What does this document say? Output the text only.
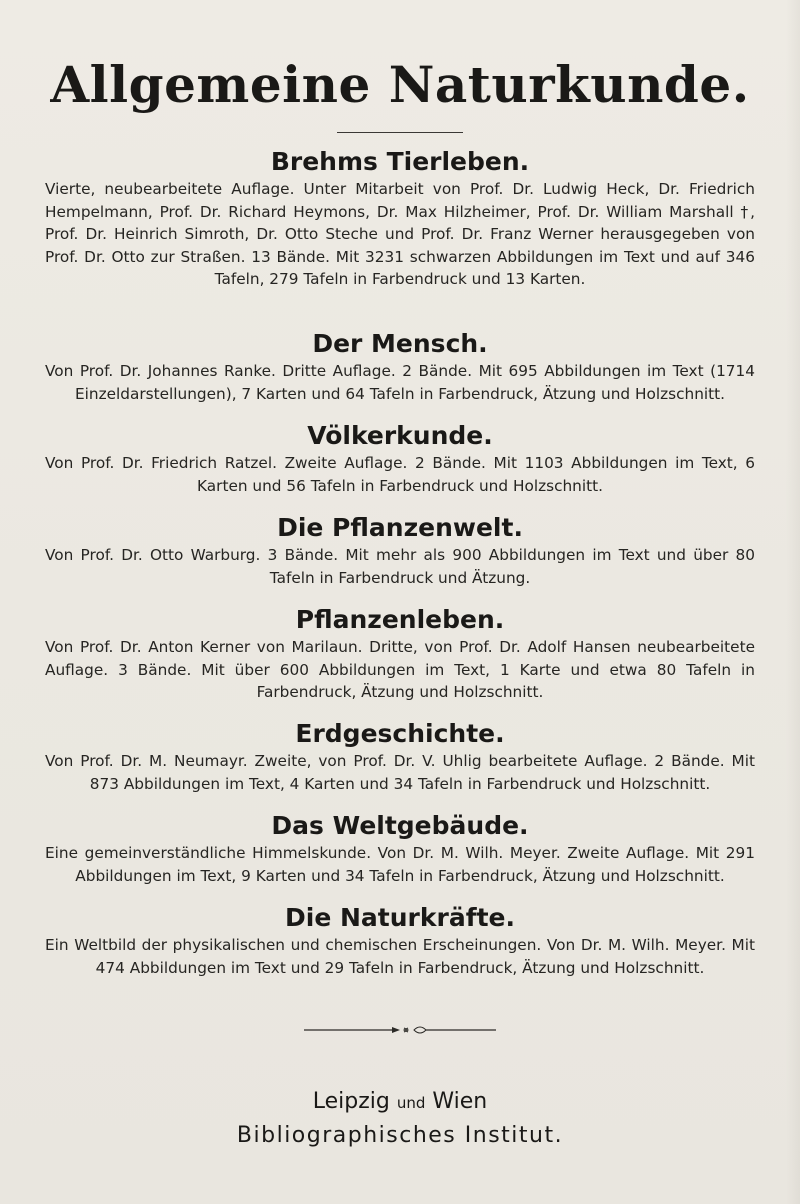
Allgemeine Naturkunde.
Brehms Tierleben.
Vierte, neubearbeitete Auflage. Unter Mitarbeit von Prof. Dr. Ludwig Heck, Dr. Friedrich Hempelmann, Prof. Dr. Richard Heymons, Dr. Max Hilzheimer, Prof. Dr. William Marshall †, Prof. Dr. Heinrich Simroth, Dr. Otto Steche und Prof. Dr. Franz Werner herausgegeben von Prof. Dr. Otto zur Straßen. 13 Bände. Mit 3231 schwarzen Abbildungen im Text und auf 346 Tafeln, 279 Tafeln in Farbendruck und 13 Karten.
Der Mensch.
Von Prof. Dr. Johannes Ranke. Dritte Auflage. 2 Bände. Mit 695 Abbildungen im Text (1714 Einzeldarstellungen), 7 Karten und 64 Tafeln in Farbendruck, Ätzung und Holzschnitt.
Völkerkunde.
Von Prof. Dr. Friedrich Ratzel. Zweite Auflage. 2 Bände. Mit 1103 Abbildungen im Text, 6 Karten und 56 Tafeln in Farbendruck und Holzschnitt.
Die Pflanzenwelt.
Von Prof. Dr. Otto Warburg. 3 Bände. Mit mehr als 900 Abbildungen im Text und über 80 Tafeln in Farbendruck und Ätzung.
Pflanzenleben.
Von Prof. Dr. Anton Kerner von Marilaun. Dritte, von Prof. Dr. Adolf Hansen neubearbeitete Auflage. 3 Bände. Mit über 600 Abbildungen im Text, 1 Karte und etwa 80 Tafeln in Farbendruck, Ätzung und Holzschnitt.
Erdgeschichte.
Von Prof. Dr. M. Neumayr. Zweite, von Prof. Dr. V. Uhlig bearbeitete Auflage. 2 Bände. Mit 873 Abbildungen im Text, 4 Karten und 34 Tafeln in Farbendruck und Holzschnitt.
Das Weltgebäude.
Eine gemeinverständliche Himmelskunde. Von Dr. M. Wilh. Meyer. Zweite Auflage. Mit 291 Abbildungen im Text, 9 Karten und 34 Tafeln in Farbendruck, Ätzung und Holzschnitt.
Die Naturkräfte.
Ein Weltbild der physikalischen und chemischen Erscheinungen. Von Dr. M. Wilh. Meyer. Mit 474 Abbildungen im Text und 29 Tafeln in Farbendruck, Ätzung und Holzschnitt.
Leipzig und Wien
Bibliographisches Institut.
